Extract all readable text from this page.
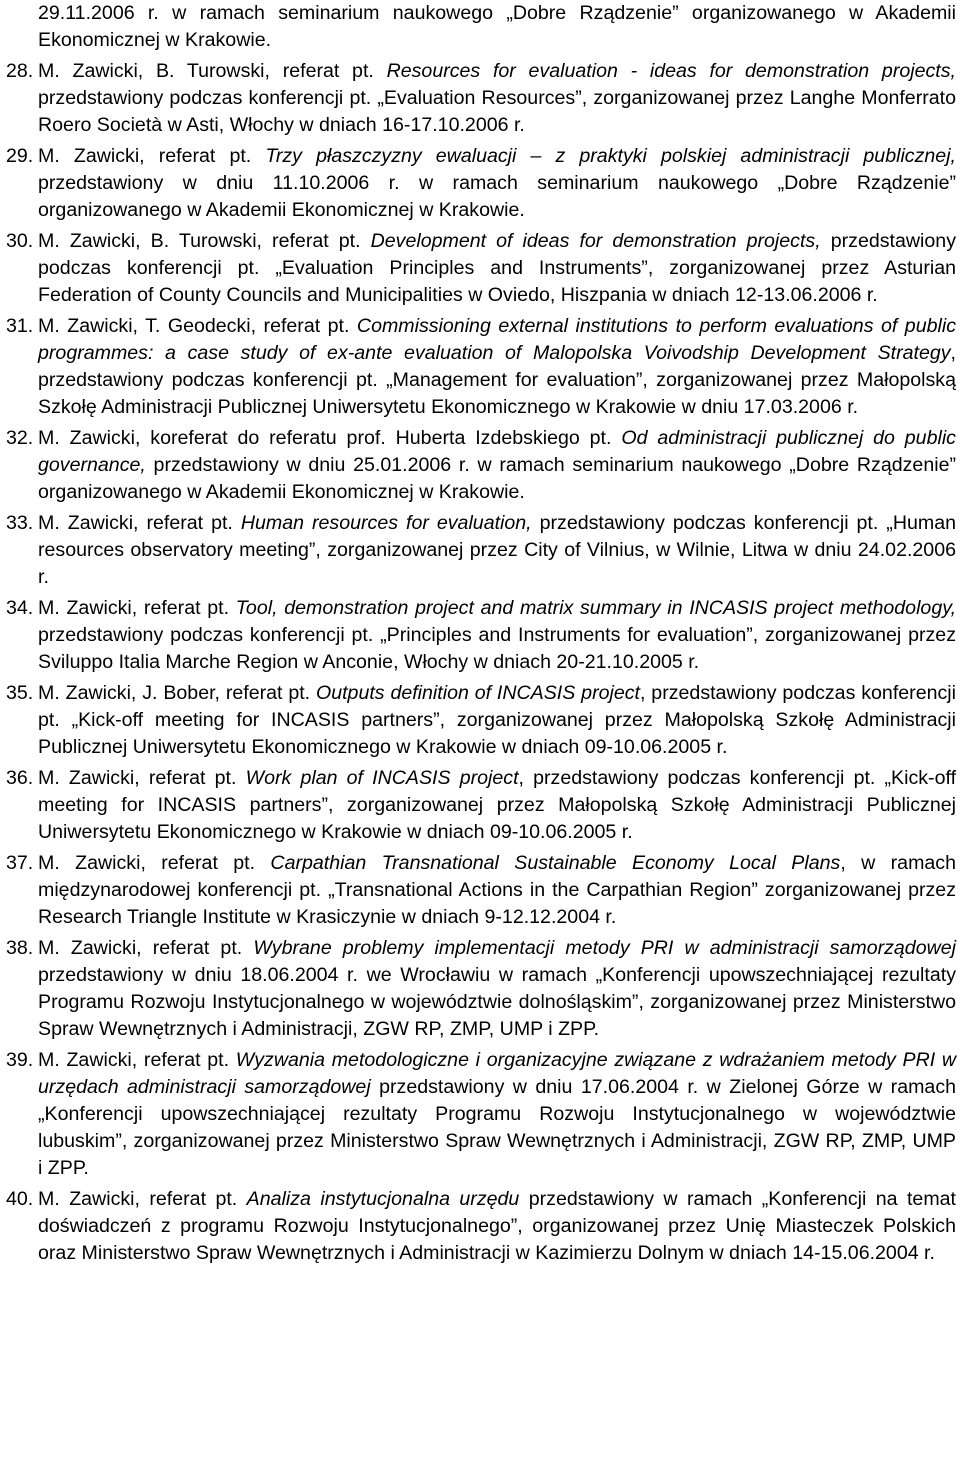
29.11.2006 r. w ramach seminarium naukowego „Dobre Rządzenie” organizowanego w Akademii Ekonomicznej w Krakowie.
28. M. Zawicki, B. Turowski, referat pt. Resources for evaluation - ideas for demonstration projects, przedstawiony podczas konferencji pt. „Evaluation Resources”, zorganizowanej przez Langhe Monferrato Roero Società w Asti, Włochy w dniach 16-17.10.2006 r.
29. M. Zawicki, referat pt. Trzy płaszczyzny ewaluacji – z praktyki polskiej administracji publicznej, przedstawiony w dniu 11.10.2006 r. w ramach seminarium naukowego „Dobre Rządzenie” organizowanego w Akademii Ekonomicznej w Krakowie.
30. M. Zawicki, B. Turowski, referat pt. Development of ideas for demonstration projects, przedstawiony podczas konferencji pt. „Evaluation Principles and Instruments”, zorganizowanej przez Asturian Federation of County Councils and Municipalities w Oviedo, Hiszpania w dniach 12-13.06.2006 r.
31. M. Zawicki, T. Geodecki, referat pt. Commissioning external institutions to perform evaluations of public programmes: a case study of ex-ante evaluation of Malopolska Voivodship Development Strategy, przedstawiony podczas konferencji pt. „Management for evaluation”, zorganizowanej przez Małopolską Szkołę Administracji Publicznej Uniwersytetu Ekonomicznego w Krakowie w dniu 17.03.2006 r.
32. M. Zawicki, koreferat do referatu prof. Huberta Izdebskiego pt. Od administracji publicznej do public governance, przedstawiony w dniu 25.01.2006 r. w ramach seminarium naukowego „Dobre Rządzenie” organizowanego w Akademii Ekonomicznej w Krakowie.
33. M. Zawicki, referat pt. Human resources for evaluation, przedstawiony podczas konferencji pt. „Human resources observatory meeting”, zorganizowanej przez City of Vilnius, w Wilnie, Litwa w dniu 24.02.2006 r.
34. M. Zawicki, referat pt. Tool, demonstration project and matrix summary in INCASIS project methodology, przedstawiony podczas konferencji pt. „Principles and Instruments for evaluation”, zorganizowanej przez Sviluppo Italia Marche Region w Anconie, Włochy w dniach 20-21.10.2005 r.
35. M. Zawicki, J. Bober, referat pt. Outputs definition of INCASIS project, przedstawiony podczas konferencji pt. „Kick-off meeting for INCASIS partners”, zorganizowanej przez Małopolską Szkołę Administracji Publicznej Uniwersytetu Ekonomicznego w Krakowie w dniach 09-10.06.2005 r.
36. M. Zawicki, referat pt. Work plan of INCASIS project, przedstawiony podczas konferencji pt. „Kick-off meeting for INCASIS partners”, zorganizowanej przez Małopolską Szkołę Administracji Publicznej Uniwersytetu Ekonomicznego w Krakowie w dniach 09-10.06.2005 r.
37. M. Zawicki, referat pt. Carpathian Transnational Sustainable Economy Local Plans, w ramach międzynarodowej konferencji pt. „Transnational Actions in the Carpathian Region” zorganizowanej przez Research Triangle Institute w Krasiczynie w dniach 9-12.12.2004 r.
38. M. Zawicki, referat pt. Wybrane problemy implementacji metody PRI w administracji samorządowej przedstawiony w dniu 18.06.2004 r. we Wrocławiu w ramach „Konferencji upowszechniającej rezultaty Programu Rozwoju Instytucjonalnego w województwie dolnośląskim”, zorganizowanej przez Ministerstwo Spraw Wewnętrznych i Administracji, ZGW RP, ZMP, UMP i ZPP.
39. M. Zawicki, referat pt. Wyzwania metodologiczne i organizacyjne związane z wdrażaniem metody PRI w urzędach administracji samorządowej przedstawiony w dniu 17.06.2004 r. w Zielonej Górze w ramach „Konferencji upowszechniającej rezultaty Programu Rozwoju Instytucjonalnego w województwie lubuskim”, zorganizowanej przez Ministerstwo Spraw Wewnętrznych i Administracji, ZGW RP, ZMP, UMP i ZPP.
40. M. Zawicki, referat pt. Analiza instytucjonalna urzędu przedstawiony w ramach „Konferencji na temat doświadczeń z programu Rozwoju Instytucjonalnego”, organizowanej przez Unię Miasteczek Polskich oraz Ministerstwo Spraw Wewnętrznych i Administracji w Kazimierzu Dolnym w dniach 14-15.06.2004 r.
